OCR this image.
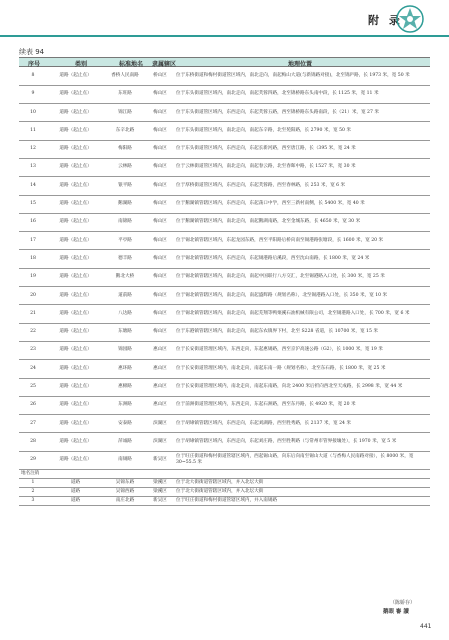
附 录
续表 94
序号	类别	标准地名	隶属辖区	地理位置
8	道路（起止点）	香桥人民南路	桥山区	位于东桥街道和梅村街道管区域内，南北走向，南起梅山大道(与新锦路对接)，北至锦庐路，长 1973 米，宽 50 米
9	道路（起止点）	东旺路	梅山区	位于东头街道管区域内，南北走向，南起芙蓉四路，北至锦桥路东头南中段，长 1125 米，宽 11 米
10	道路（起止点）	锦江路	梅山区	位于东头街道管区域内，东西走向，东起芙蓉五路，西至锦桥路东头路南段，长（21）米，宽 27 米
11	道路（起止点）	东辛北路	梅山区	位于东头街道管区域内，南北走向，南起东辛路，北至苑阳路，长 2790 米，宽 50 米
12	道路（起止点）	梅阳路	梅山区	位于东头街道管区域内，东西走向，东起长新河路，西至唐江路，长（395 米，宽 24 米
13	道路（起止点）	云林路	梅山区	位于云林街道管区域内，南北走向，南起春云路，北至春晖中路，长 1527 米，宽 30 米
14	道路（起止点）	银平路	梅山区	位于厚桥街道管区域内，东西走向，东起芙蓉路，西至春林路，长 253 米，宽 6 米
15	道路（起止点）	鹅湖路	梅山区	位于鹅湖镇管辖区域内，东西走向，东起荡口中学，西至三新村南侧，长 5400 米，宽 40 米
16	道路（起止点）	南锦路	梅山区	位于鹅湖镇管辖区域内，南北走向，南起鹅湖南路，北至金城东路，长 4650 米，宽 30 米
17	道路（起止点）	平亭路	梅山区	位于锡北镇管辖区域内，东起龙园东路，西至平阳路后桥向南至锡港路张塘段，长 1600 米，宽 20 米
18	道路（起止点）	德丰路	梅山区	位于锡北镇管辖区域内，东西走向，东起锡港路后溪段，西至沈山南路，长 1800 米，宽 24 米
19	道路（起止点）	鹅北大桥	梅山区	位于锡北镇管辖区域内，南北走向，南起中国联行八方交汇，北至锡港路入口处，长 300 米，宽 25 米
20	道路（起止点）	道前路	梅山区	位于锡北镇管辖区域内，南北走向，南起盛辉路（规划名称），北至锡港路入口处，长 350 米，宽 10 米
21	道路（起止点）	八达路	梅山区	位于锡北镇管辖区域内，南北走向，南起芜翔等鸭栗溪石油机械有限公司，北至锡港路入口处，长 700 米，宽 6 米
22	道路（起止点）	东塘路	梅山区	位于东港镇管辖区域内，南北走向，南起东农镇界下村，北至 S228 省道，长 10700 米，宽 15 米
23	道路（起止点）	锦园路	惠山区	位于长安街道管理区域内，东西走向，东起惠锡路，西至京沪高速公路（G2），长 1000 米，宽 19 米
24	道路（起止点）	惠环路	惠山区	位于长安街道管理区域内，南北走向，南起东南一路（规划名称），北至东石路，长 1800 米，宽 25 米
25	道路（起止点）	惠棉路	惠山区	位于长安街道管理区域内，南北走向，南起东南路，向北 2400 米后折向西北至天成路，长 2998 米，宽 44 米
26	道路（起止点）	东洲路	惠山区	位于前洲街道管理区域内，东西走向，东起石洲路，西至东丹路，长 4920 米，宽 20 米
27	道路（起止点）	安泰路	滨湖区	位于胡埭镇管辖区域内，东西走向，东起刘湖路，西至胜秀路，长 2137 米，宽 24 米
28	道路（起止点）	萍诚路	滨湖区	位于胡埭镇管辖区域内，东西走向，东起刘庄路，西至胜利路（与常州市管界接壤处），长 1970 米，宽 5 米
29	道路（起止点）	南锡路	新吴区	位于旺庄街道和梅村街道管辖区域内，西起锡山路，向东后向南至锡山大道（与香梅人民南路对接），长 8000 米，宽 30~55.5 米
地名注销				
1	道路	吴锦东路	梁溪区	位于北大街街道管辖区域内，并入北坛大街
2	道路	吴锦西路	梁溪区	位于北大街街道管辖区域内，并入北坛大街
3	道路	南庄北路	新吴区	位于旺庄街道和梅村街道管辖区域内，并入南锡路
（陈娇存）
鹅眼 審 讀
441
